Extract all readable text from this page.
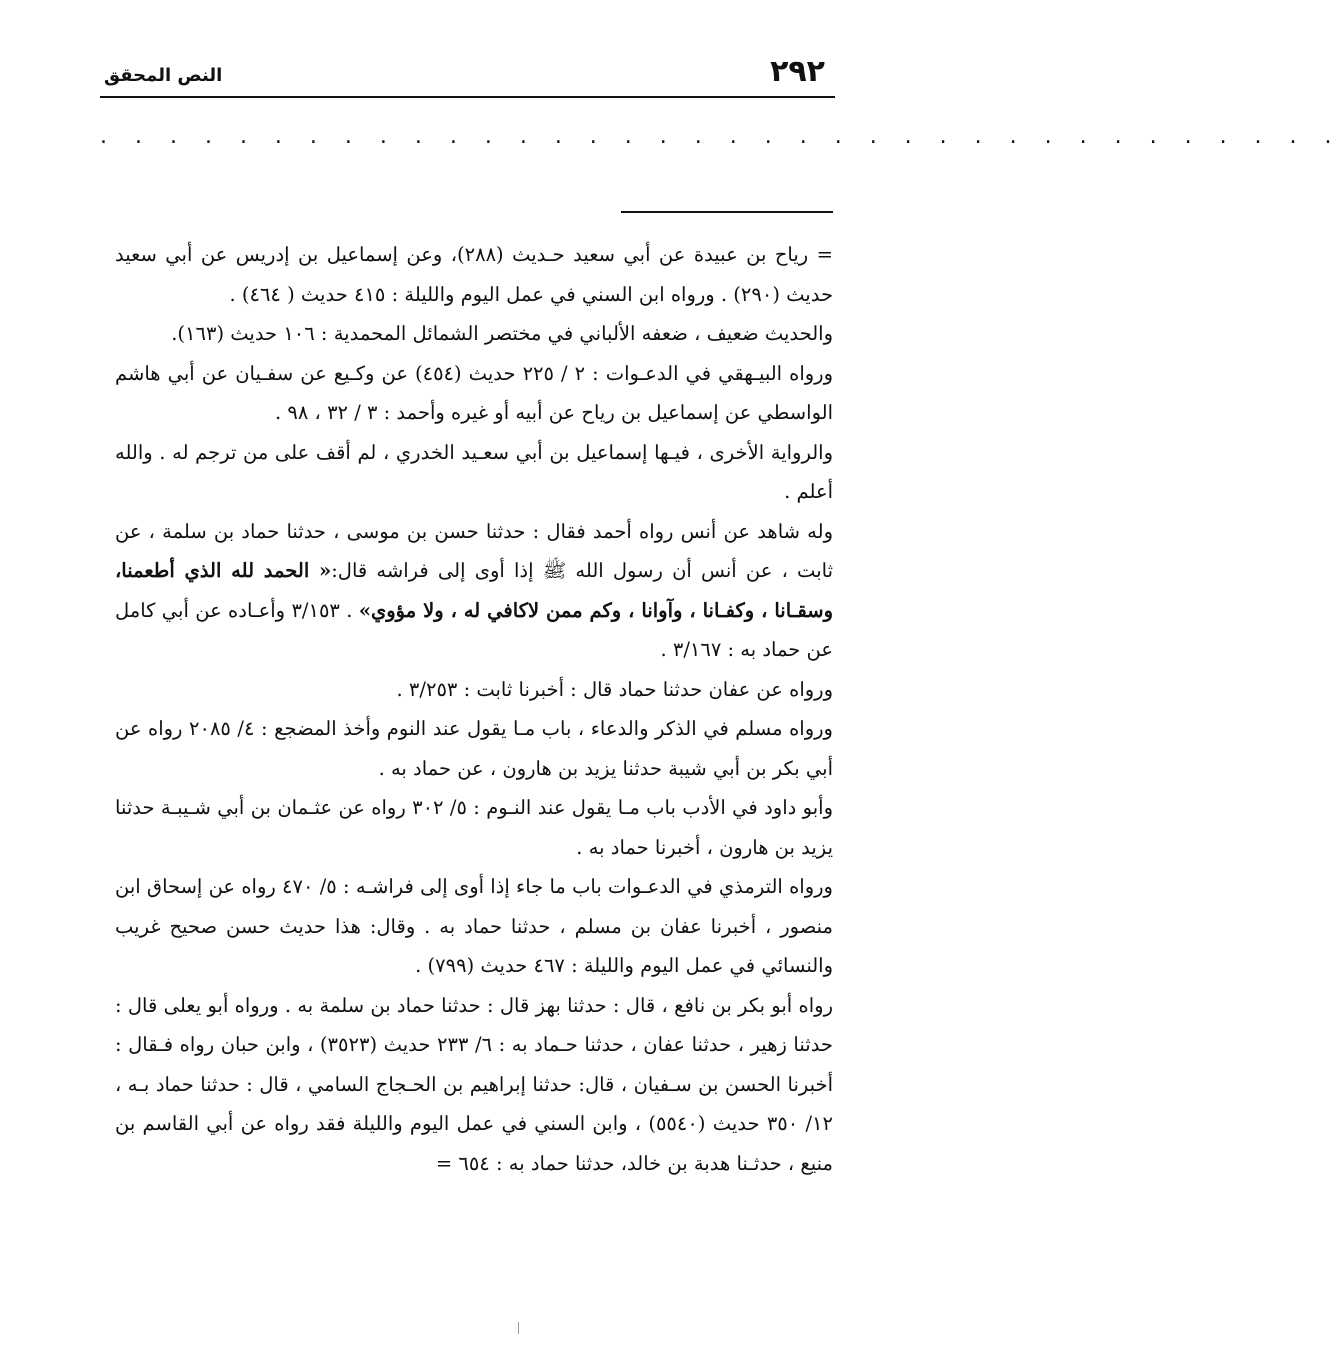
٢٩٢
النص المحقق
. . . . . . . . . . . . . . . . . . . . . . . . . . . . . . . . . . . .

= رياح بن عبيدة عن أبي سعيد حـديث (٢٨٨)، وعن إسماعيل بن إدريس عن أبي سعيد حديث (٢٩٠) . ورواه ابن السني في عمل اليوم والليلة : ٤١٥ حديث ( ٤٦٤) .

والحديث ضعيف ، ضعفه الألباني في مختصر الشمائل المحمدية : ١٠٦ حديث (١٦٣).

ورواه البيـهقي في الدعـوات : ٢ / ٢٢٥ حديث (٤٥٤) عن وكـيع عن سفـيان عن أبي هاشم الواسطي عن إسماعيل بن رياح عن أبيه أو غيره وأحمد : ٣ / ٣٢ ، ٩٨ .

والرواية الأخرى ، فيـها إسماعيل بن أبي سعـيد الخدري ، لم أقف على من ترجم له . والله أعلم .

وله شاهد عن أنس رواه أحمد فقال : حدثنا حسن بن موسى ، حدثنا حماد بن سلمة ، عن ثابت ، عن أنس أن رسول الله ﷺ إذا أوى إلى فراشه قال:« الحمد لله الذي أطعمنا، وسقـانا ، وكفـانا ، وآوانا ، وكم ممن لاكافي له ، ولا مؤوي» . ٣/١٥٣ وأعـاده عن أبي كامل عن حماد به : ٣/١٦٧ .

ورواه عن عفان حدثنا حماد قال : أخبرنا ثابت : ٣/٢٥٣ .

ورواه مسلم في الذكر والدعاء ، باب مـا يقول عند النوم وأخذ المضجع : ٤/ ٢٠٨٥ رواه عن أبي بكر بن أبي شيبة حدثنا يزيد بن هارون ، عن حماد به .

وأبو داود في الأدب باب مـا يقول عند النـوم : ٥/ ٣٠٢ رواه عن عثـمان بن أبي شـيبـة حدثنا يزيد بن هارون ، أخبرنا حماد به .

ورواه الترمذي في الدعـوات باب ما جاء إذا أوى إلى فراشـه : ٥/ ٤٧٠ رواه عن إسحاق ابن منصور ، أخبرنا عفان بن مسلم ، حدثنا حماد به . وقال: هذا حديث حسن صحيح غريب والنسائي في عمل اليوم والليلة : ٤٦٧ حديث (٧٩٩) .

رواه أبو بكر بن نافع ، قال : حدثنا بهز قال : حدثنا حماد بن سلمة به . ورواه أبو يعلى قال : حدثنا زهير ، حدثنا عفان ، حدثنا حـماد به : ٦/ ٢٣٣ حديث (٣٥٢٣) ، وابن حبان رواه فـقال : أخبرنا الحسن بن سـفيان ، قال: حدثنا إبراهيم بن الحـجاج السامي ، قال : حدثنا حماد بـه ، ١٢/ ٣٥٠ حديث (٥٥٤٠) ، وابن السني في عمل اليوم والليلة فقد رواه عن أبي القاسم بن منيع ، حدثـنا هدبة بن خالد، حدثنا حماد به : ٦٥٤ =
